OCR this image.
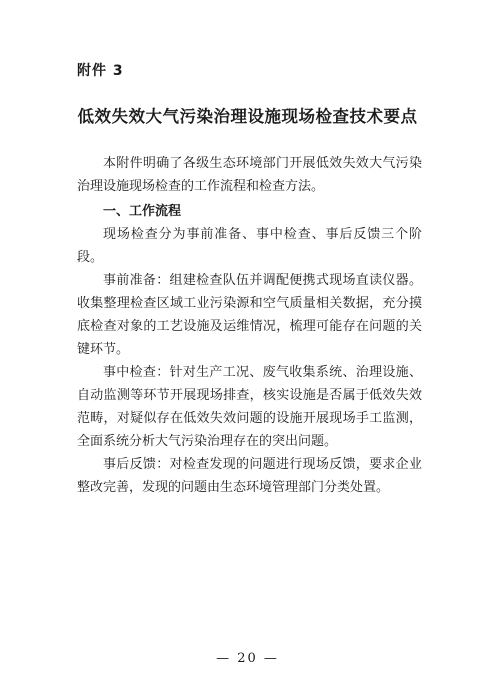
附件 3
低效失效大气污染治理设施现场检查技术要点

本附件明确了各级生态环境部门开展低效失效大气污染治理设施现场检查的工作流程和检查方法。

一、工作流程

现场检查分为事前准备、事中检查、事后反馈三个阶段。

事前准备：组建检查队伍并调配便携式现场直读仪器。收集整理检查区域工业污染源和空气质量相关数据，充分摸底检查对象的工艺设施及运维情况，梳理可能存在问题的关键环节。

事中检查：针对生产工况、废气收集系统、治理设施、自动监测等环节开展现场排查，核实设施是否属于低效失效范畴，对疑似存在低效失效问题的设施开展现场手工监测，全面系统分析大气污染治理存在的突出问题。

事后反馈：对检查发现的问题进行现场反馈，要求企业整改完善，发现的问题由生态环境管理部门分类处置。

— 20 —
